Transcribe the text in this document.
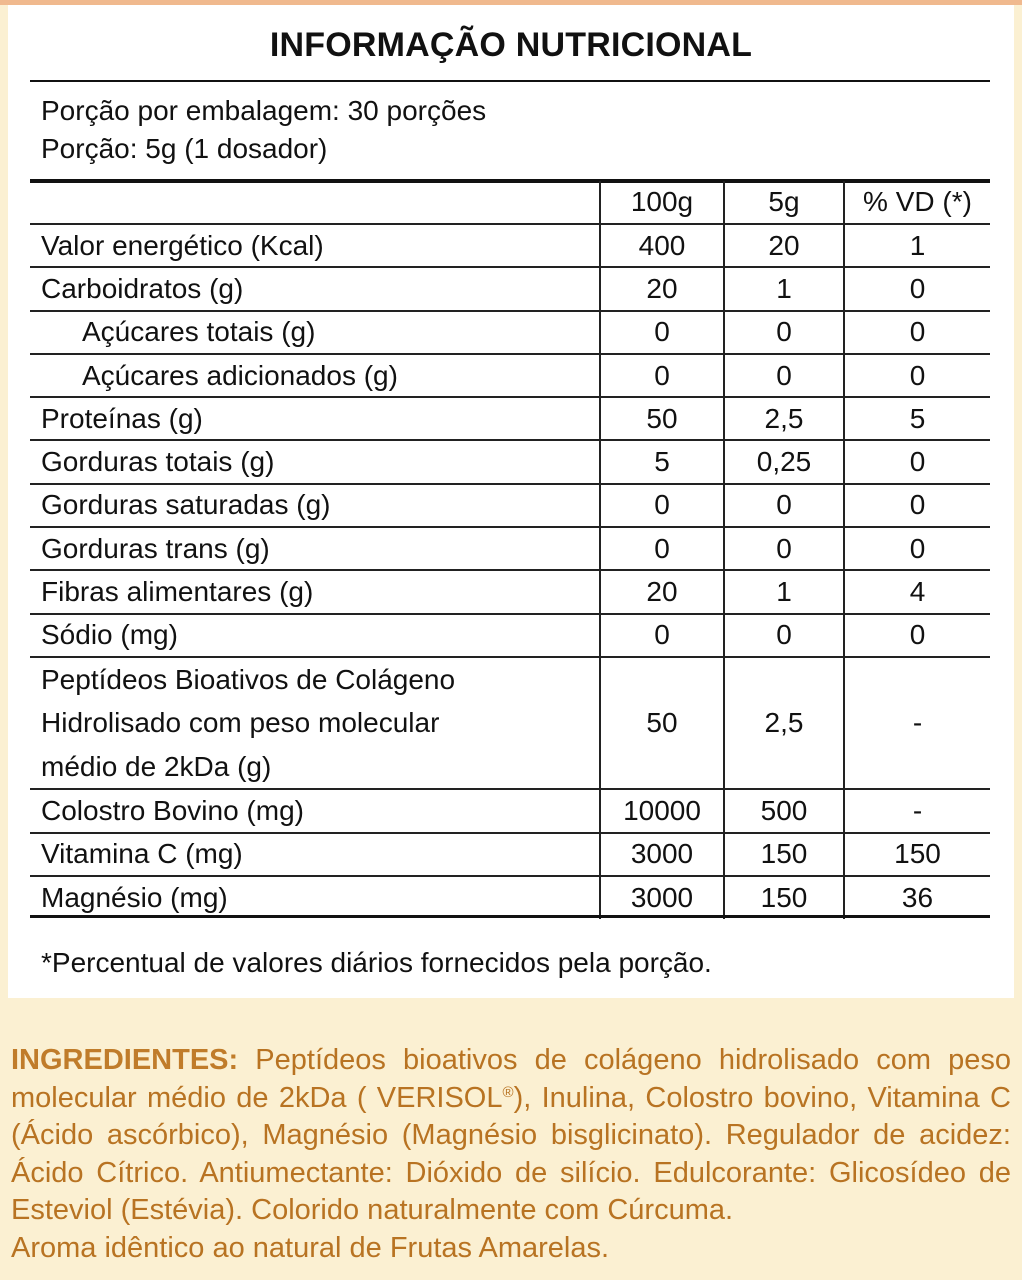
INFORMAÇÃO NUTRICIONAL
Porção por embalagem: 30 porções
Porção: 5g (1 dosador)
	100g	5g	% VD (*)
Valor energético (Kcal)	400	20	1
Carboidratos (g)	20	1	0
Açúcares totais (g)	0	0	0
Açúcares adicionados (g)	0	0	0
Proteínas (g)	50	2,5	5
Gorduras totais (g)	5	0,25	0
Gorduras saturadas (g)	0	0	0
Gorduras trans (g)	0	0	0
Fibras alimentares (g)	20	1	4
Sódio (mg)	0	0	0

Peptídeos Bioativos de Colágeno
Hidrolisado com peso molecular
médio de 2kDa (g)	50	2,5	-
Colostro Bovino (mg)	10000	500	-
Vitamina C (mg)	3000	150	150
Magnésio (mg)	3000	150	36
*Percentual de valores diários fornecidos pela porção.
INGREDIENTES: Peptídeos bioativos de colágeno hidrolisado com peso molecular médio de 2kDa ( VERISOL®), Inulina, Colostro bovino, Vitamina C (Ácido ascórbico), Magnésio (Magnésio bisglicinato). Regulador de acidez: Ácido Cítrico. Antiumectante: Dióxido de silício. Edulcorante: Glicosídeo de Esteviol (Estévia). Colorido naturalmente com Cúrcuma.
Aroma idêntico ao natural de Frutas Amarelas.
